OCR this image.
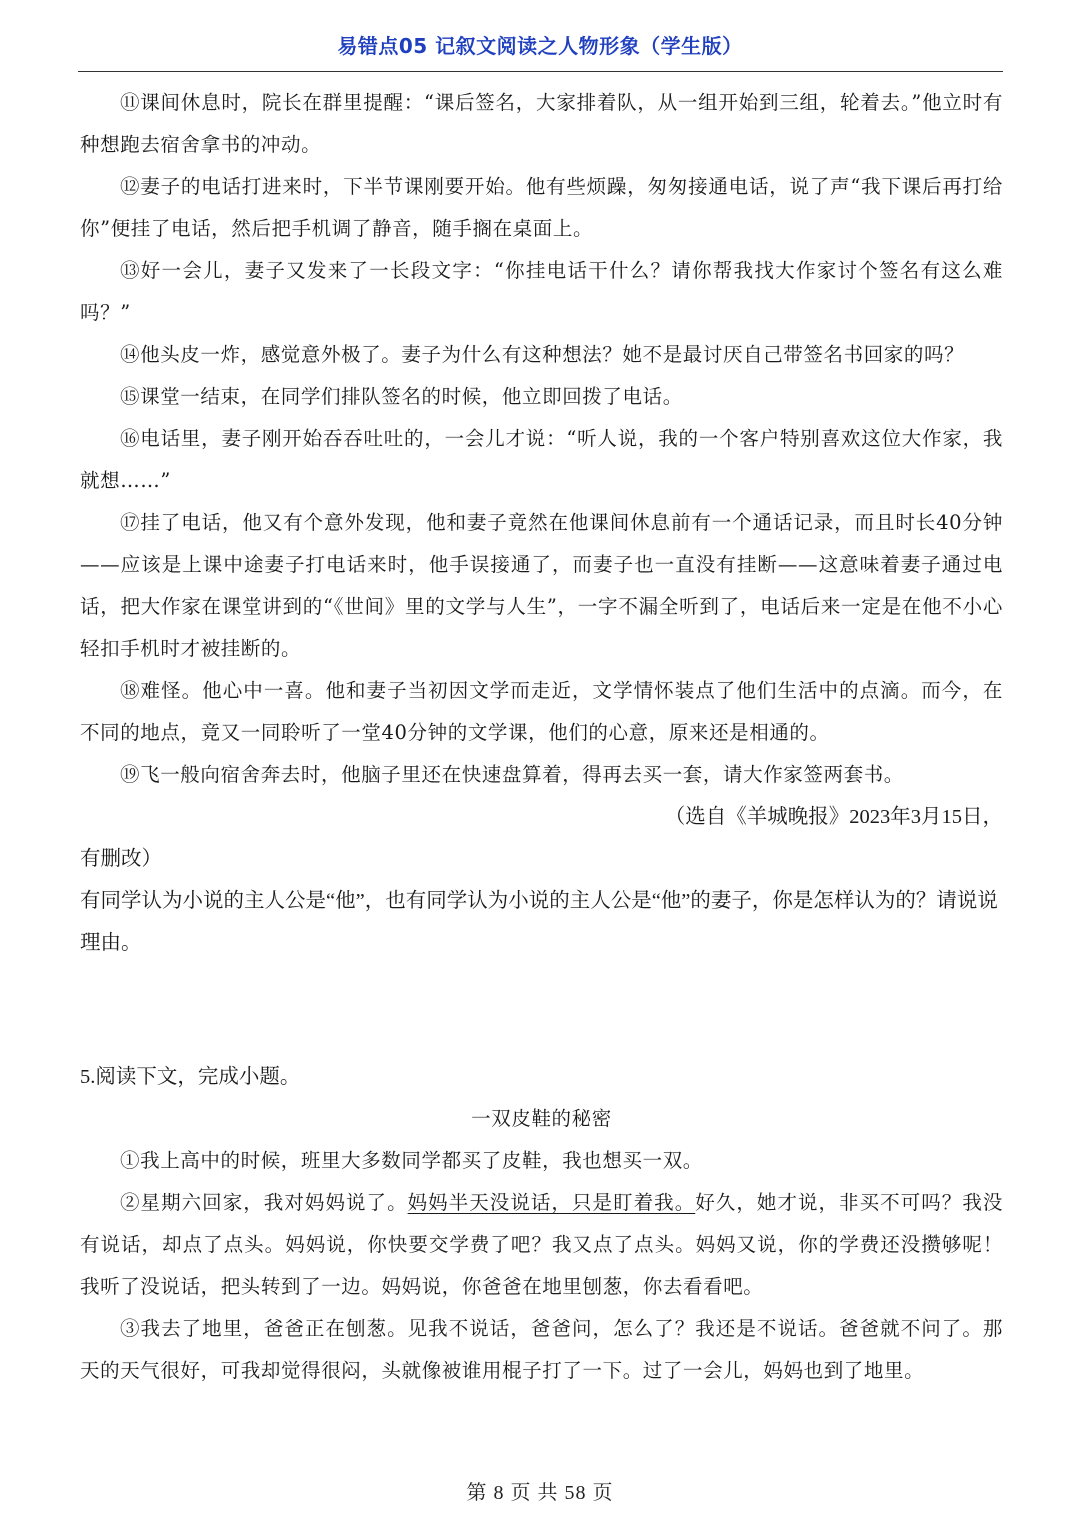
易错点05 记叙文阅读之人物形象（学生版）

⑪课间休息时，院长在群里提醒：“课后签名，大家排着队，从一组开始到三组，轮着去。”他立时有种想跑去宿舍拿书的冲动。

⑫妻子的电话打进来时，下半节课刚要开始。他有些烦躁，匆匆接通电话，说了声“我下课后再打给你”便挂了电话，然后把手机调了静音，随手搁在桌面上。

⑬好一会儿，妻子又发来了一长段文字：“你挂电话干什么？请你帮我找大作家讨个签名有这么难吗？”

⑭他头皮一炸，感觉意外极了。妻子为什么有这种想法？她不是最讨厌自己带签名书回家的吗？

⑮课堂一结束，在同学们排队签名的时候，他立即回拨了电话。

⑯电话里，妻子刚开始吞吞吐吐的，一会儿才说：“听人说，我的一个客户特别喜欢这位大作家，我就想……”

⑰挂了电话，他又有个意外发现，他和妻子竟然在他课间休息前有一个通话记录，而且时长40分钟——应该是上课中途妻子打电话来时，他手误接通了，而妻子也一直没有挂断——这意味着妻子通过电话，把大作家在课堂讲到的“《世间》里的文学与人生”，一字不漏全听到了，电话后来一定是在他不小心轻扣手机时才被挂断的。

⑱难怪。他心中一喜。他和妻子当初因文学而走近，文学情怀装点了他们生活中的点滴。而今，在不同的地点，竟又一同聆听了一堂40分钟的文学课，他们的心意，原来还是相通的。

⑲飞一般向宿舍奔去时，他脑子里还在快速盘算着，得再去买一套，请大作家签两套书。

（选自《羊城晚报》2023年3月15日，

有删改）

有同学认为小说的主人公是“他”，也有同学认为小说的主人公是“他”的妻子，你是怎样认为的？请说说理由。

5.阅读下文，完成小题。

一双皮鞋的秘密

①我上高中的时候，班里大多数同学都买了皮鞋，我也想买一双。

②星期六回家，我对妈妈说了。妈妈半天没说话，只是盯着我。好久，她才说，非买不可吗？我没有说话，却点了点头。妈妈说，你快要交学费了吧？我又点了点头。妈妈又说，你的学费还没攒够呢！我听了没说话，把头转到了一边。妈妈说，你爸爸在地里刨葱，你去看看吧。

③我去了地里，爸爸正在刨葱。见我不说话，爸爸问，怎么了？我还是不说话。爸爸就不问了。那天的天气很好，可我却觉得很闷，头就像被谁用棍子打了一下。过了一会儿，妈妈也到了地里。

第 8 页 共 58 页
